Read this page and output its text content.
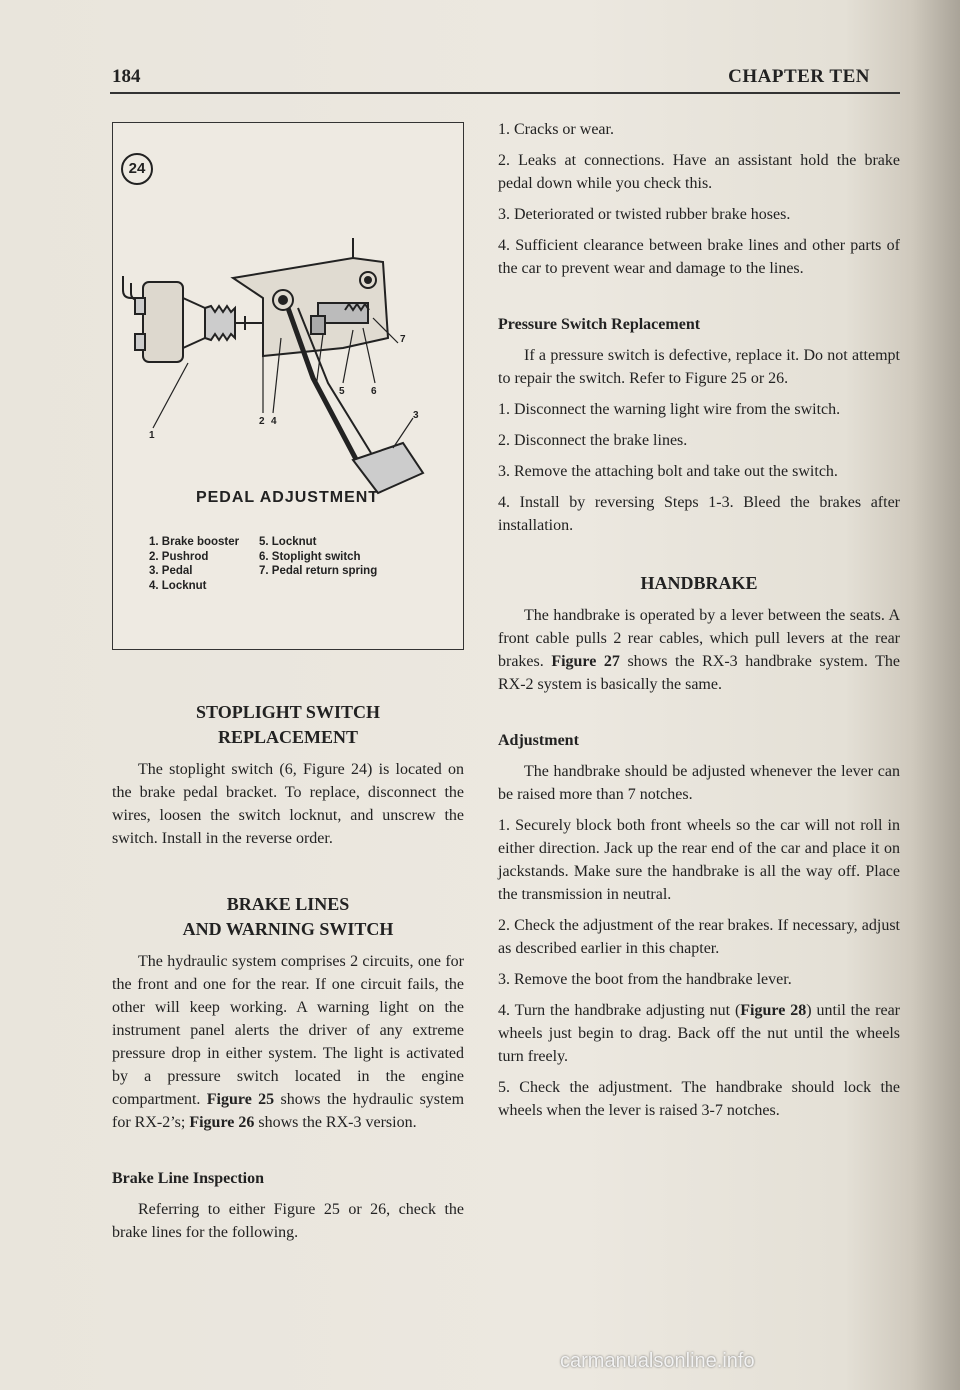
184	CHAPTER TEN
24
1
2 4
5	6
7
3
PEDAL ADJUSTMENT
1. Brake booster
2. Pushrod
3. Pedal
4. Locknut
5. Locknut
6. Stoplight switch
7. Pedal return spring
STOPLIGHT SWITCH
REPLACEMENT

The stoplight switch (6, Figure 24) is located on the brake pedal bracket. To replace, disconnect the wires, loosen the switch locknut, and unscrew the switch. Install in the reverse order.

BRAKE LINES
AND WARNING SWITCH

The hydraulic system comprises 2 circuits, one for the front and one for the rear. If one circuit fails, the other will keep working. A warning light on the instrument panel alerts the driver of any extreme pressure drop in either system. The light is activated by a pressure switch located in the engine compartment. Figure 25 shows the hydraulic system for RX-2’s; Figure 26 shows the RX-3 version.

Brake Line Inspection

Referring to either Figure 25 or 26, check the brake lines for the following.

1. Cracks or wear.
2. Leaks at connections. Have an assistant hold the brake pedal down while you check this.
3. Deteriorated or twisted rubber brake hoses.
4. Sufficient clearance between brake lines and other parts of the car to prevent wear and damage to the lines.
Pressure Switch Replacement

If a pressure switch is defective, replace it. Do not attempt to repair the switch. Refer to Figure 25 or 26.

1. Disconnect the warning light wire from the switch.
2. Disconnect the brake lines.
3. Remove the attaching bolt and take out the switch.
4. Install by reversing Steps 1-3. Bleed the brakes after installation.
HANDBRAKE

The handbrake is operated by a lever between the seats. A front cable pulls 2 rear cables, which pull levers at the rear brakes. Figure 27 shows the RX-3 handbrake system. The RX-2 system is basically the same.

Adjustment

The handbrake should be adjusted whenever the lever can be raised more than 7 notches.

1. Securely block both front wheels so the car will not roll in either direction. Jack up the rear end of the car and place it on jackstands. Make sure the handbrake is all the way off. Place the transmission in neutral.
2. Check the adjustment of the rear brakes. If necessary, adjust as described earlier in this chapter.
3. Remove the boot from the handbrake lever.
4. Turn the handbrake adjusting nut (Figure 28) until the rear wheels just begin to drag. Back off the nut until the wheels turn freely.
5. Check the adjustment. The handbrake should lock the wheels when the lever is raised 3-7 notches.
carmanualsonline.info
